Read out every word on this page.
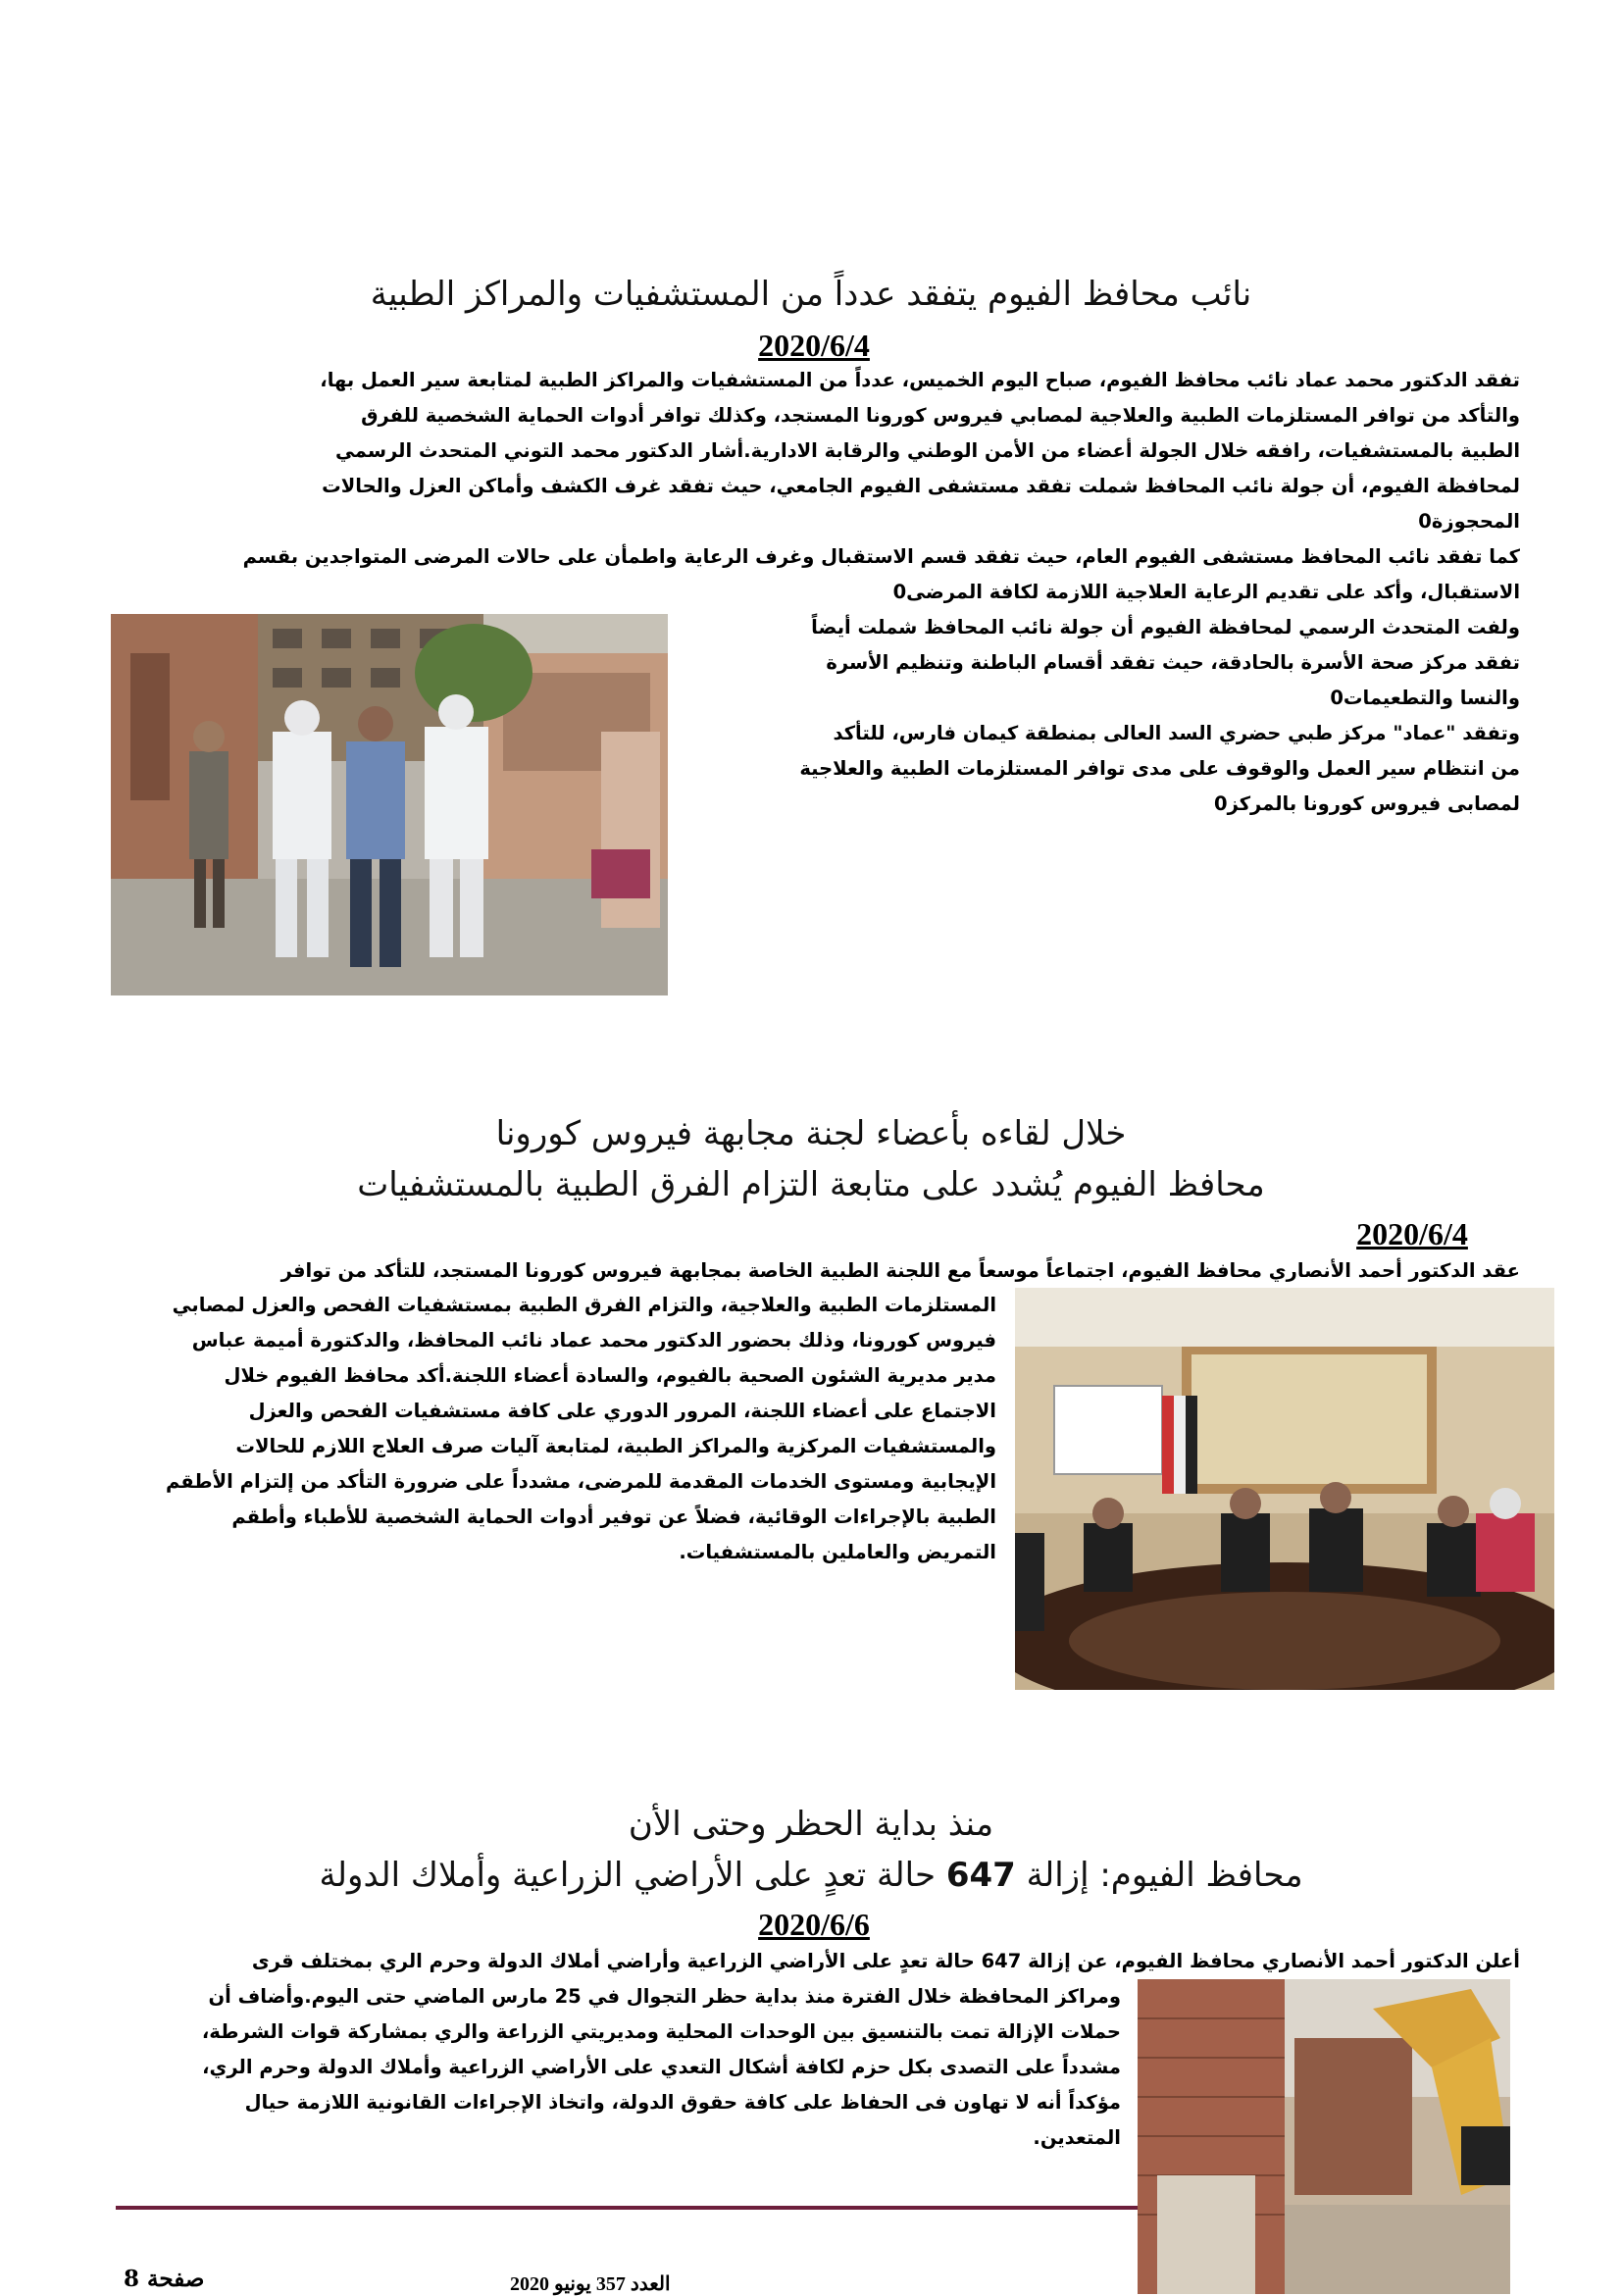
نائب محافظ الفيوم يتفقد عدداً من المستشفيات والمراكز الطبية
2020/6/4

تفقد الدكتور محمد عماد نائب محافظ الفيوم، صباح اليوم الخميس، عدداً من المستشفيات والمراكز الطبية لمتابعة سير العمل بها،

والتأكد من توافر المستلزمات الطبية والعلاجية لمصابي فيروس كورونا المستجد، وكذلك توافر أدوات الحماية الشخصية للفرق

الطبية بالمستشفيات، رافقه خلال الجولة أعضاء من الأمن الوطني والرقابة الادارية.أشار الدكتور محمد التوني المتحدث الرسمي

لمحافظة الفيوم، أن جولة نائب المحافظ شملت تفقد مستشفى الفيوم الجامعي، حيث تفقد غرف الكشف وأماكن العزل والحالات

المحجوزة0

كما تفقد نائب المحافظ مستشفى الفيوم العام، حيث تفقد قسم الاستقبال وغرف الرعاية واطمأن على حالات المرضى المتواجدين بقسم

الاستقبال، وأكد على تقديم الرعاية العلاجية اللازمة لكافة المرضى0

ولفت المتحدث الرسمي لمحافظة الفيوم أن جولة نائب المحافظ شملت أيضاً

تفقد مركز صحة الأسرة بالحادقة، حيث تفقد أقسام الباطنة وتنظيم الأسرة

والنسا والتطعيمات0

وتفقد "عماد" مركز طبي حضري السد العالى بمنطقة كيمان فارس، للتأكد

من انتظام سير العمل والوقوف على مدى توافر المستلزمات الطبية والعلاجية

لمصابى فيروس كورونا بالمركز0

خلال لقاءه بأعضاء لجنة مجابهة فيروس كورونا
محافظ الفيوم يُشدد على متابعة التزام الفرق الطبية بالمستشفيات
2020/6/4

عقد الدكتور أحمد الأنصاري محافظ الفيوم، اجتماعاً موسعاً مع اللجنة الطبية الخاصة بمجابهة فيروس كورونا المستجد، للتأكد من توافر

المستلزمات الطبية والعلاجية، والتزام الفرق الطبية بمستشفيات الفحص والعزل لمصابي

فيروس كورونا، وذلك بحضور الدكتور محمد عماد نائب المحافظ، والدكتورة أميمة عباس

مدير مديرية الشئون الصحية بالفيوم، والسادة أعضاء اللجنة.أكد محافظ الفيوم خلال

الاجتماع على أعضاء اللجنة، المرور الدوري على كافة مستشفيات الفحص والعزل

والمستشفيات المركزية والمراكز الطبية، لمتابعة آليات صرف العلاج اللازم للحالات

الإيجابية ومستوى الخدمات المقدمة للمرضى، مشدداً على ضرورة التأكد من إلتزام الأطقم

الطبية بالإجراءات الوقائية، فضلاً عن توفير أدوات الحماية الشخصية للأطباء وأطقم

التمريض والعاملين بالمستشفيات.

منذ بداية الحظر وحتى الأن
محافظ الفيوم: إزالة 647 حالة تعدٍ على الأراضي الزراعية وأملاك الدولة
2020/6/6

أعلن الدكتور أحمد الأنصاري محافظ الفيوم، عن إزالة 647 حالة تعدٍ على الأراضي الزراعية وأراضي أملاك الدولة وحرم الري بمختلف قرى

ومراكز المحافظة خلال الفترة منذ بداية حظر التجوال في 25 مارس الماضي حتى اليوم.وأضاف أن

حملات الإزالة تمت بالتنسيق بين الوحدات المحلية ومديريتي الزراعة والري بمشاركة قوات الشرطة،

مشدداً على التصدى بكل حزم لكافة أشكال التعدي على الأراضي الزراعية وأملاك الدولة وحرم الري،

مؤكداً أنه لا تهاون فى الحفاظ على كافة حقوق الدولة، واتخاذ الإجراءات القانونية اللازمة حيال

المتعدين.

صفحة 8	العدد 357 يونيو 2020
